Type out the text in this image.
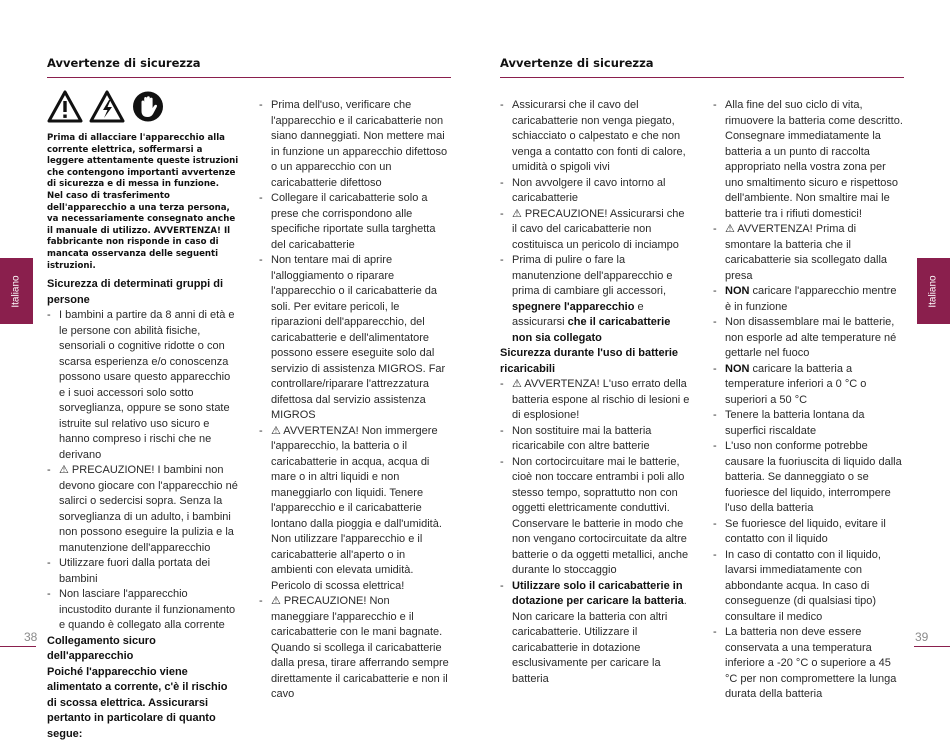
Avvertenze di sicurezza
Italiano

Prima di allacciare l'apparecchio alla corrente elettrica, soffermarsi a leggere attentamente queste istruzioni che contengono importanti avvertenze di sicurezza e di messa in funzione.

Nel caso di trasferimento dell'apparecchio a una terza persona, va necessariamente consegnato anche il manuale di utilizzo. AVVERTENZA! Il fabbricante non risponde in caso di mancata osservanza delle seguenti istruzioni.

Sicurezza di determinati gruppi di persone

- I bambini a partire da 8 anni di età e le persone con abilità fisiche, sensoriali o cognitive ridotte o con scarsa esperienza e/o conoscenza possono usare questo apparecchio e i suoi accessori solo sotto sorveglianza, oppure se sono state istruite sul relativo uso sicuro e hanno compreso i rischi che ne derivano
- ⚠ PRECAUZIONE! I bambini non devono giocare con l'apparecchio né salirci o sedercisi sopra. Senza la sorveglianza di un adulto, i bambini non possono eseguire la pulizia e la manutenzione dell'apparecchio
- Utilizzare fuori dalla portata dei bambini
- Non lasciare l'apparecchio incustodito durante il funzionamento e quando è collegato alla corrente

Collegamento sicuro dell'apparecchio

Poiché l'apparecchio viene alimentato a corrente, c'è il rischio di scossa elettrica. Assicurarsi pertanto in particolare di quanto segue:

- Prima dell'uso, verificare che l'apparecchio e il caricabatterie non siano danneggiati. Non mettere mai in funzione un apparecchio difettoso o un apparecchio con un caricabatterie difettoso
- Collegare il caricabatterie solo a prese che corrispondono alle specifiche riportate sulla targhetta del caricabatterie
- Non tentare mai di aprire l'alloggiamento o riparare l'apparecchio o il caricabatterie da soli. Per evitare pericoli, le riparazioni dell'apparecchio, del caricabatterie e dell'alimentatore possono essere eseguite solo dal servizio di assistenza MIGROS. Far controllare/riparare l'attrezzatura difettosa dal servizio assistenza MIGROS
- ⚠ AVVERTENZA! Non immergere l'apparecchio, la batteria o il caricabatterie in acqua, acqua di mare o in altri liquidi e non maneggiarlo con liquidi. Tenere l'apparecchio e il caricabatterie lontano dalla pioggia e dall'umidità. Non utilizzare l'apparecchio e il caricabatterie all'aperto o in ambienti con elevata umidità. Pericolo di scossa elettrica!
- ⚠ PRECAUZIONE! Non maneggiare l'apparecchio e il caricabatterie con le mani bagnate. Quando si scollega il caricabatterie dalla presa, tirare afferrando sempre direttamente il caricabatterie e non il cavo
38
Avvertenze di sicurezza
Italiano
- Assicurarsi che il cavo del caricabatterie non venga piegato, schiacciato o calpestato e che non venga a contatto con fonti di calore, umidità o spigoli vivi
- Non avvolgere il cavo intorno al caricabatterie
- ⚠ PRECAUZIONE! Assicurarsi che il cavo del caricabatterie non costituisca un pericolo di inciampo
- Prima di pulire o fare la manutenzione dell'apparecchio e prima di cambiare gli accessori, spegnere l'apparecchio e assicurarsi che il caricabatterie non sia collegato

Sicurezza durante l'uso di batterie ricaricabili

- ⚠ AVVERTENZA! L'uso errato della batteria espone al rischio di lesioni e di esplosione!
- Non sostituire mai la batteria ricaricabile con altre batterie
- Non cortocircuitare mai le batterie, cioè non toccare entrambi i poli allo stesso tempo, soprattutto non con oggetti elettricamente conduttivi. Conservare le batterie in modo che non vengano cortocircuitate da altre batterie o da oggetti metallici, anche durante lo stoccaggio
- Utilizzare solo il caricabatterie in dotazione per caricare la batteria. Non caricare la batteria con altri caricabatterie. Utilizzare il caricabatterie in dotazione esclusivamente per caricare la batteria
- Alla fine del suo ciclo di vita, rimuovere la batteria come descritto. Consegnare immediatamente la batteria a un punto di raccolta appropriato nella vostra zona per uno smaltimento sicuro e rispettoso dell'ambiente. Non smaltire mai le batterie tra i rifiuti domestici!
- ⚠ AVVERTENZA! Prima di smontare la batteria che il caricabatterie sia scollegato dalla presa
- NON caricare l'apparecchio mentre è in funzione
- Non disassemblare mai le batterie, non esporle ad alte temperature né gettarle nel fuoco
- NON caricare la batteria a temperature inferiori a 0 °C o superiori a 50 °C
- Tenere la batteria lontana da superfici riscaldate
- L'uso non conforme potrebbe causare la fuoriuscita di liquido dalla batteria. Se danneggiato o se fuoriesce del liquido, interrompere l'uso della batteria
- Se fuoriesce del liquido, evitare il contatto con il liquido
- In caso di contatto con il liquido, lavarsi immediatamente con abbondante acqua. In caso di conseguenze (di qualsiasi tipo) consultare il medico
- La batteria non deve essere conservata a una temperatura inferiore a -20 °C o superiore a 45 °C per non compromettere la lunga durata della batteria
39
